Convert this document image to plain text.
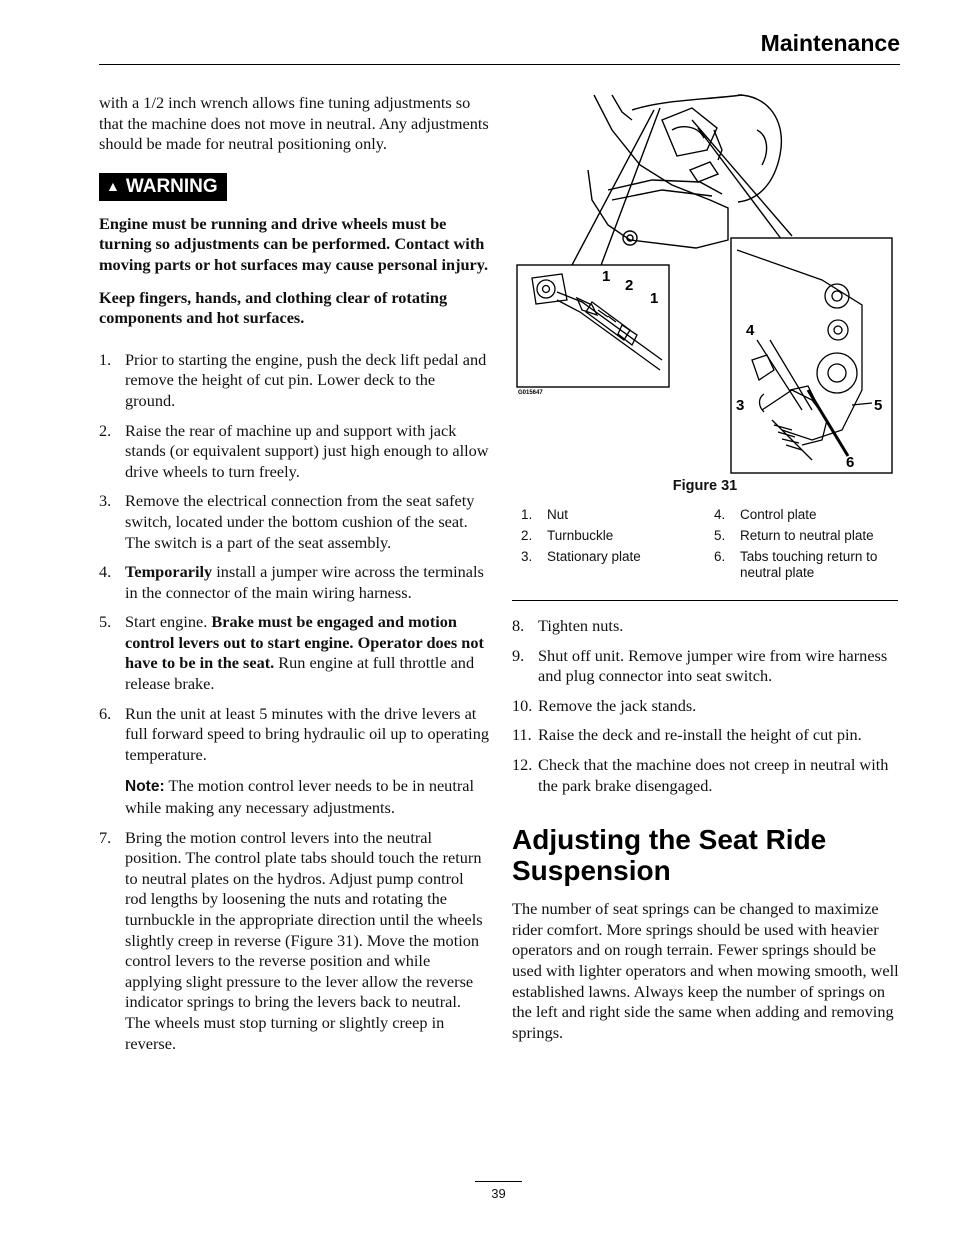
Maintenance

with a 1/2 inch wrench allows fine tuning adjustments so that the machine does not move in neutral. Any adjustments should be made for neutral positioning only.

▲ WARNING

Engine must be running and drive wheels must be turning so adjustments can be performed. Contact with moving parts or hot surfaces may cause personal injury.

Keep fingers, hands, and clothing clear of rotating components and hot surfaces.

1. Prior to starting the engine, push the deck lift pedal and remove the height of cut pin. Lower deck to the ground.
2. Raise the rear of machine up and support with jack stands (or equivalent support) just high enough to allow drive wheels to turn freely.
3. Remove the electrical connection from the seat safety switch, located under the bottom cushion of the seat. The switch is a part of the seat assembly.
4. Temporarily install a jumper wire across the terminals in the connector of the main wiring harness.
5. Start engine. Brake must be engaged and motion control levers out to start engine. Operator does not have to be in the seat. Run engine at full throttle and release brake.
6. Run the unit at least 5 minutes with the drive levers at full forward speed to bring hydraulic oil up to operating temperature.
Note: The motion control lever needs to be in neutral while making any necessary adjustments.
7. Bring the motion control levers into the neutral position. The control plate tabs should touch the return to neutral plates on the hydros. Adjust pump control rod lengths by loosening the nuts and rotating the turnbuckle in the appropriate direction until the wheels slightly creep in reverse (Figure 31). Move the motion control levers to the reverse position and while applying slight pressure to the lever allow the reverse indicator springs to bring the levers back to neutral. The wheels must stop turning or slightly creep in reverse.
1
2
1
G015647
4
3	5
6
Figure 31
1. Nut
2. Turnbuckle
3. Stationary plate
4. Control plate
5. Return to neutral plate
6. Tabs touching return to neutral plate
8. Tighten nuts.
9. Shut off unit. Remove jumper wire from wire harness and plug connector into seat switch.
10. Remove the jack stands.
11. Raise the deck and re-install the height of cut pin.
12. Check that the machine does not creep in neutral with the park brake disengaged.
Adjusting the Seat Ride Suspension

The number of seat springs can be changed to maximize rider comfort. More springs should be used with heavier operators and on rough terrain. Fewer springs should be used with lighter operators and when mowing smooth, well established lawns. Always keep the number of springs on the left and right side the same when adding and removing springs.

39
